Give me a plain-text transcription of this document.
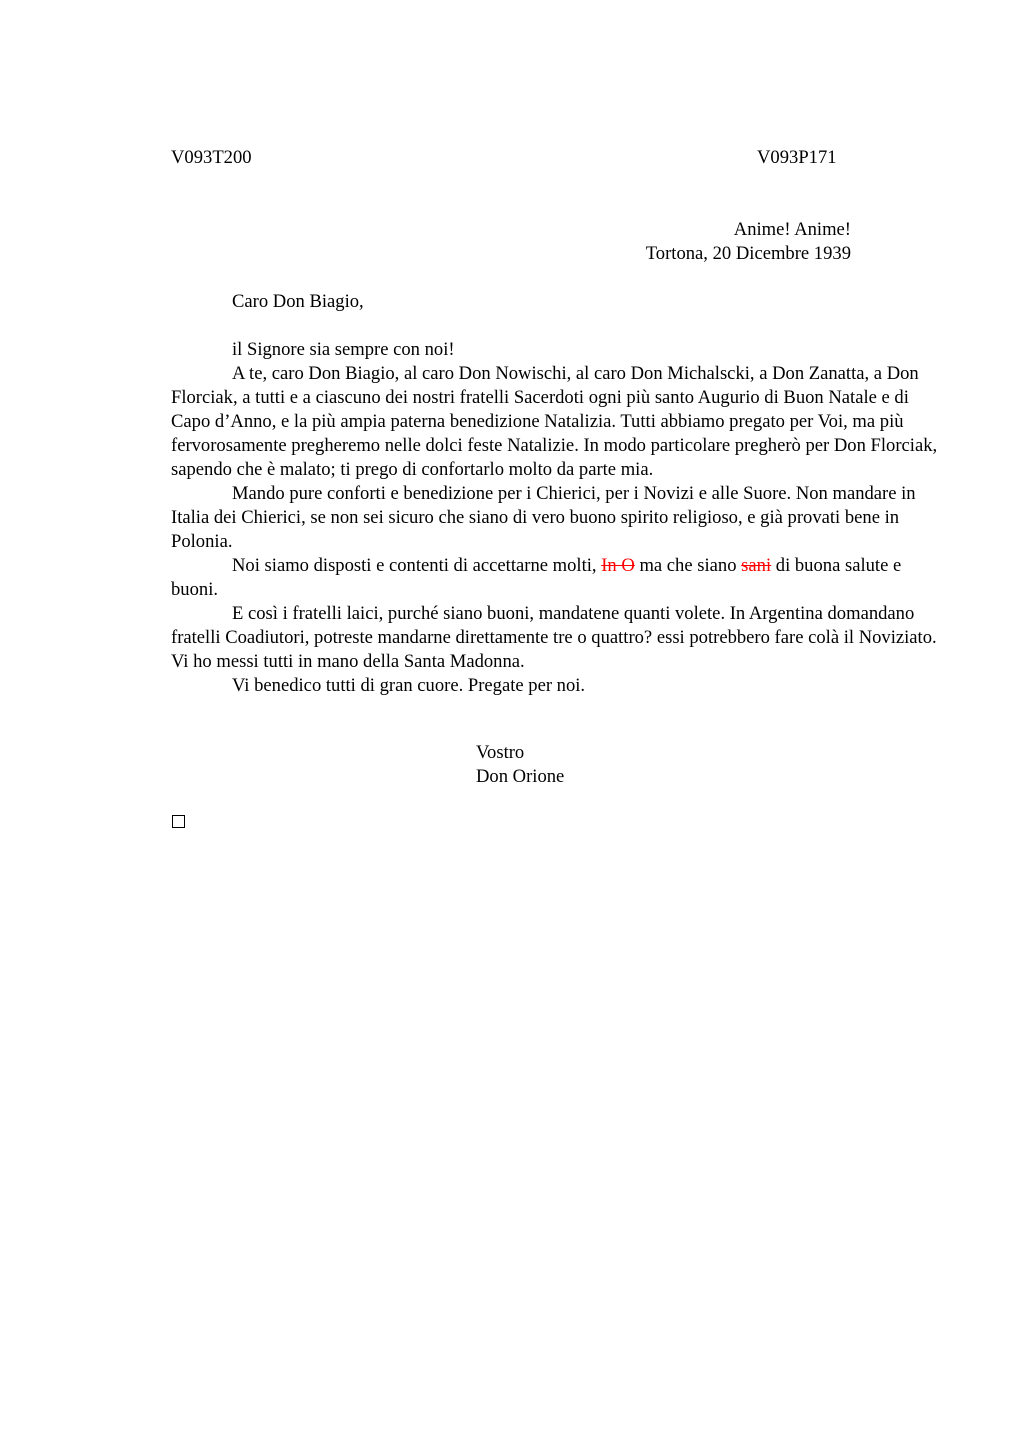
V093T200	V093P171
Anime! Anime!
Tortona, 20 Dicembre 1939
Caro Don Biagio,

il Signore sia sempre con noi!

A te, caro Don Biagio, al caro Don Nowischi, al caro Don Michalscki, a Don Zanatta, a Don Florciak, a tutti e a ciascuno dei nostri fratelli Sacerdoti ogni più santo Augurio di Buon Natale e di Capo d’Anno, e la più ampia paterna benedizione Natalizia. Tutti abbiamo pregato per Voi, ma più fervorosamente pregheremo nelle dolci feste Natalizie. In modo particolare pregherò per Don Florciak, sapendo che è malato; ti prego di confortarlo molto da parte mia.

Mando pure conforti e benedizione per i Chierici, per i Novizi e alle Suore. Non mandare in Italia dei Chierici, se non sei sicuro che siano di vero buono spirito religioso, e già provati bene in Polonia.

Noi siamo disposti e contenti di accettarne molti, In O ma che siano sani di buona salute e buoni.

E così i fratelli laici, purché siano buoni, mandatene quanti volete. In Argentina domandano fratelli Coadiutori, potreste mandarne direttamente tre o quattro? essi potrebbero fare colà il Noviziato. Vi ho messi tutti in mano della Santa Madonna.

Vi benedico tutti di gran cuore. Pregate per noi.

Vostro
Don Orione
